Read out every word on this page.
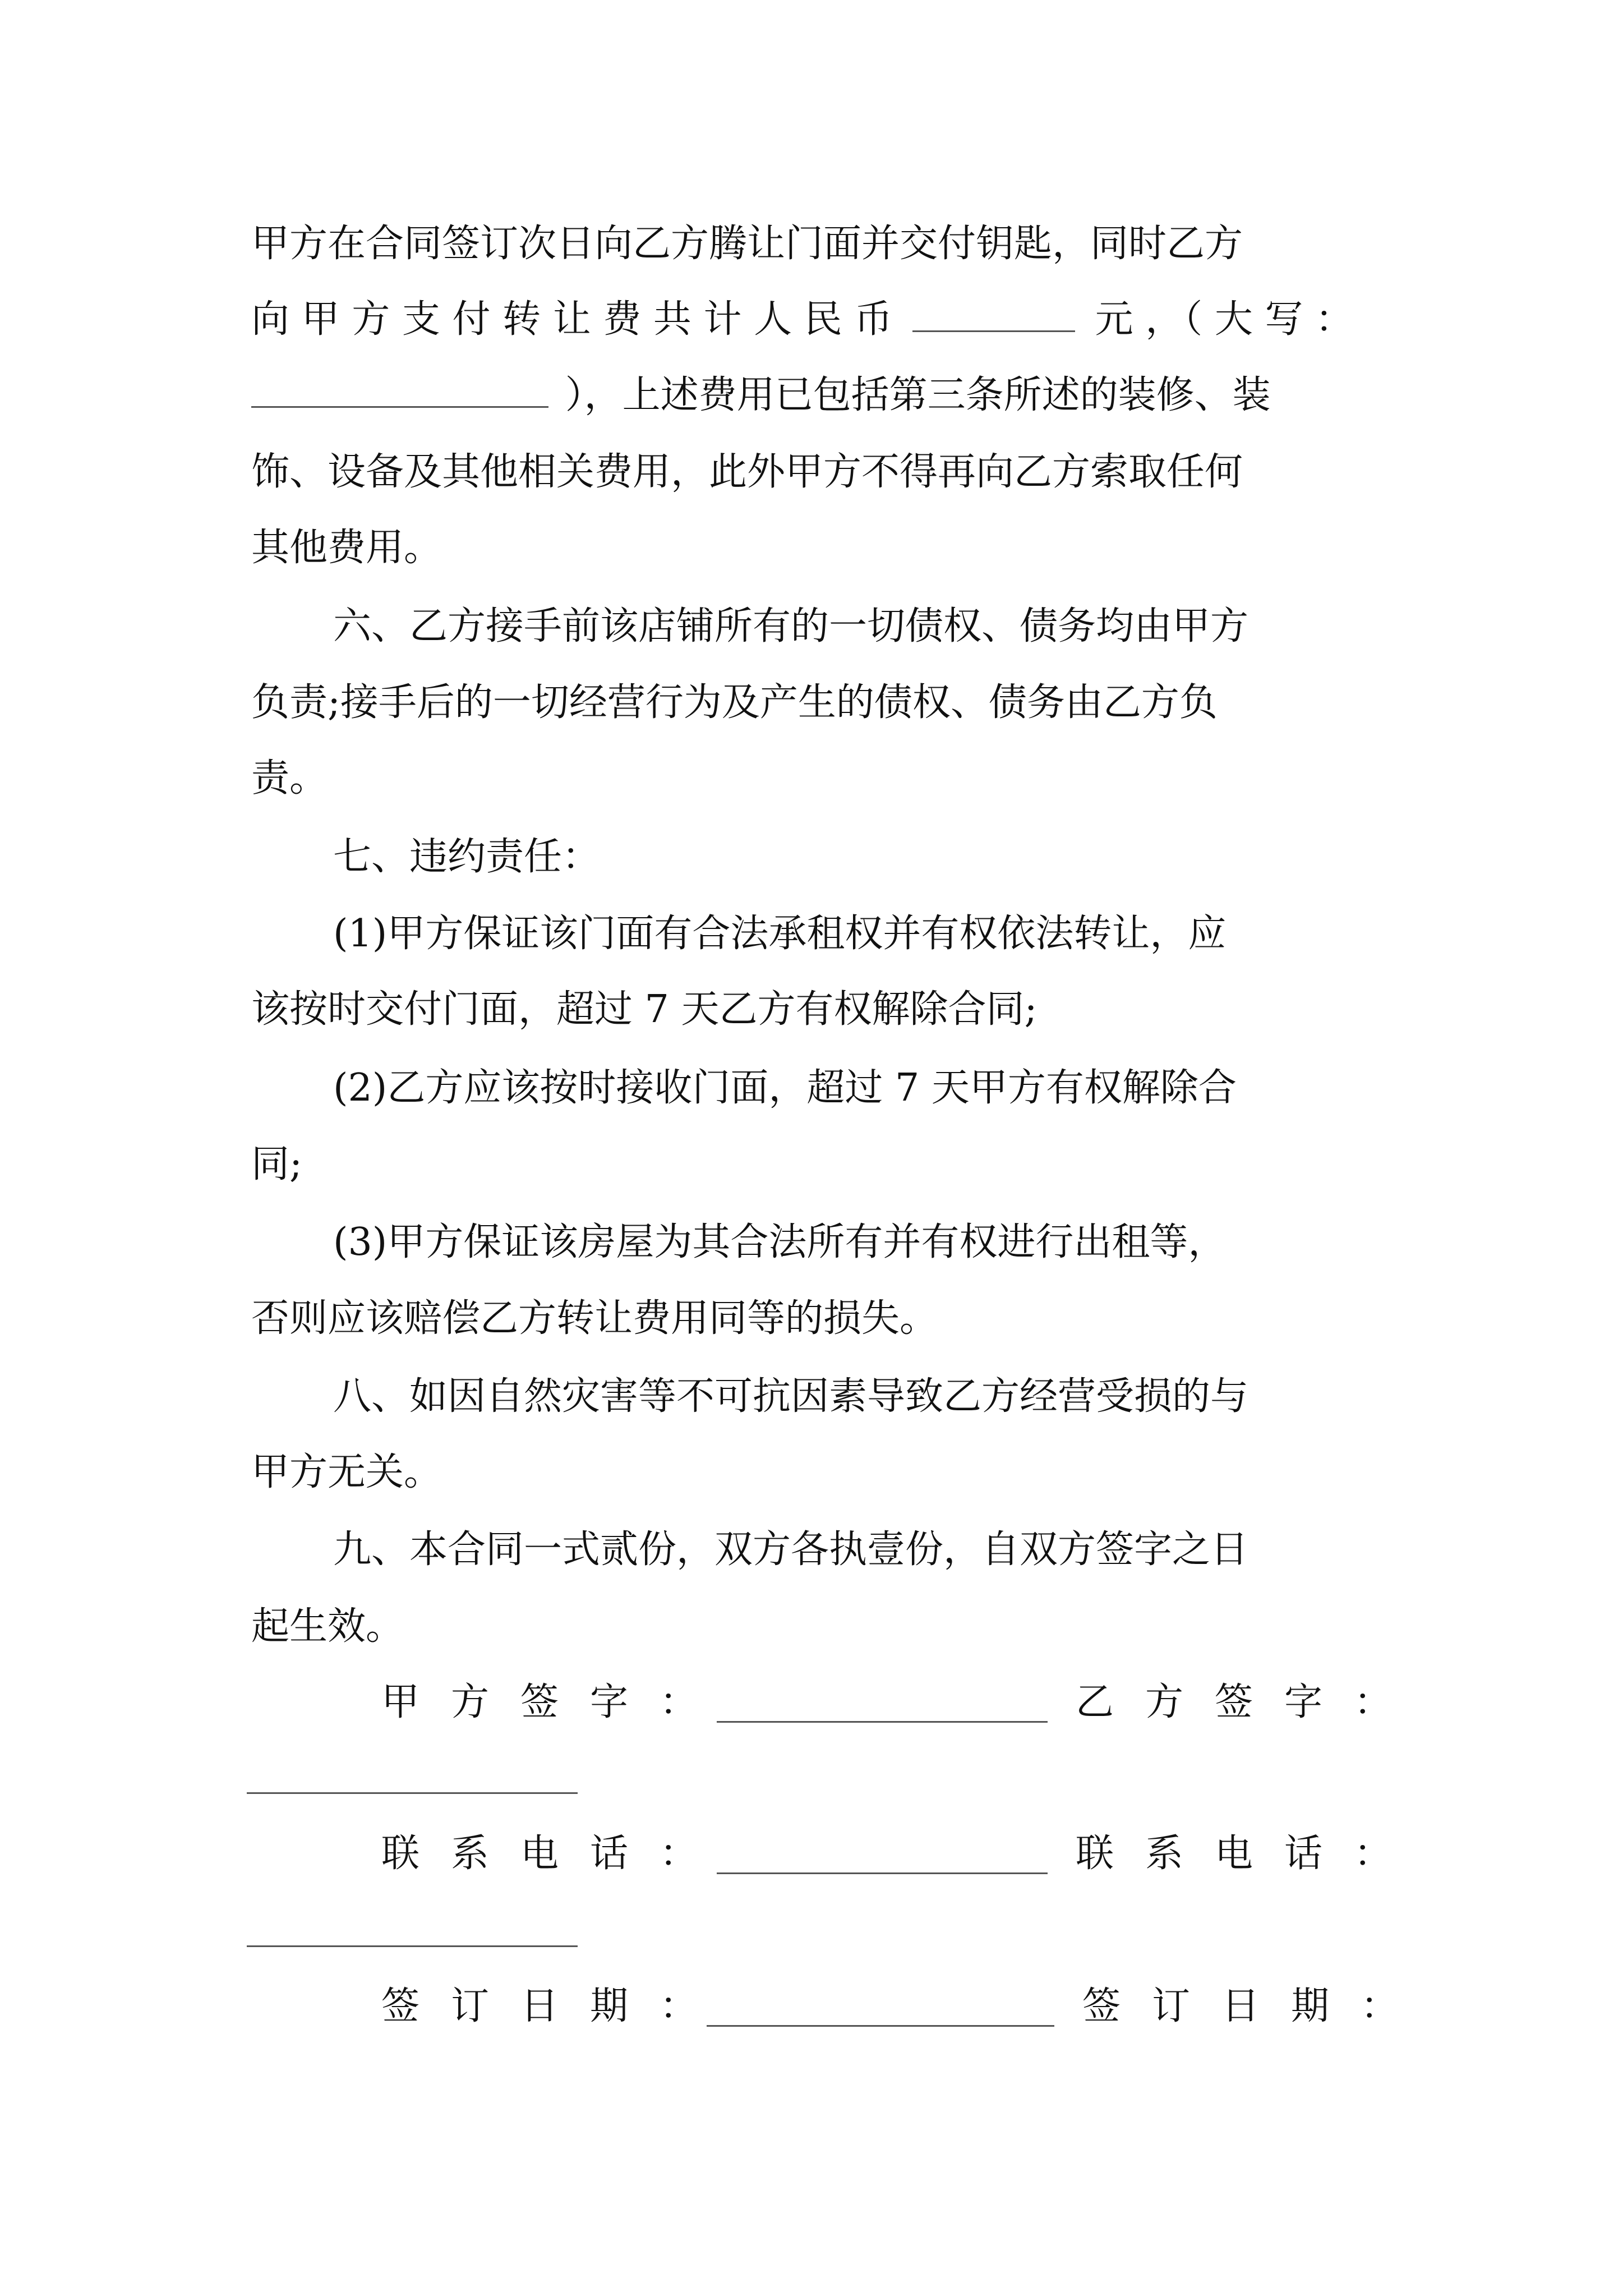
甲方在合同签订次日向乙方腾让门面并交付钥匙，同时乙方
向 甲 方 支 付 转 让 费 共 计 人 民 币	元 ，（ 大 写 ：
），上述费用已包括第三条所述的装修、装
饰、设备及其他相关费用，此外甲方不得再向乙方索取任何
其他费用。
六、乙方接手前该店铺所有的一切债权、债务均由甲方
负责;接手后的一切经营行为及产生的债权、债务由乙方负
责。
七、违约责任：
(1)甲方保证该门面有合法承租权并有权依法转让，应
该按时交付门面，超过 7 天乙方有权解除合同;
(2)乙方应该按时接收门面，超过 7 天甲方有权解除合
同;
(3)甲方保证该房屋为其合法所有并有权进行出租等，
否则应该赔偿乙方转让费用同等的损失。
八、如因自然灾害等不可抗因素导致乙方经营受损的与
甲方无关。
九、本合同一式贰份，双方各执壹份，自双方签字之日
起生效。
甲方签字：	乙方签字：
联系电话：	联系电话：
签订日期：	签订日期：
